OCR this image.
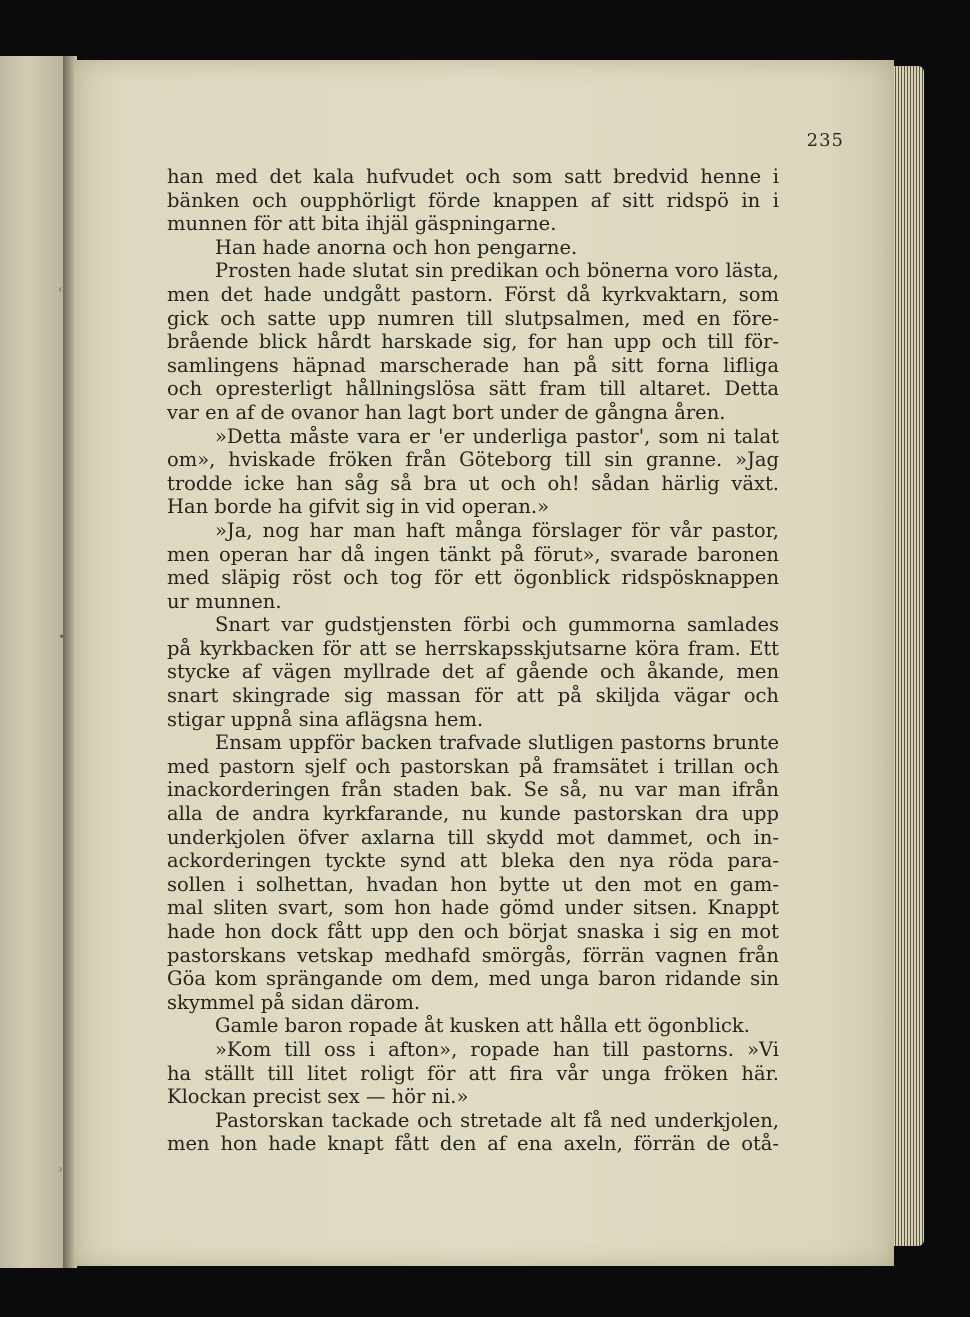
235
han med det kala hufvudet och som satt bredvid henne i
bänken och oupphörligt förde knappen af sitt ridspö in i
munnen för att bita ihjäl gäspningarne.
Han hade anorna och hon pengarne.
Prosten hade slutat sin predikan och bönerna voro lästa,
men det hade undgått pastorn. Först då kyrkvaktarn, som
gick och satte upp numren till slutpsalmen, med en före-
brående blick hårdt harskade sig, for han upp och till för-
samlingens häpnad marscherade han på sitt forna lifliga
och opresterligt hållningslösa sätt fram till altaret. Detta
var en af de ovanor han lagt bort under de gångna åren.
»Detta måste vara er 'er underliga pastor', som ni talat
om», hviskade fröken från Göteborg till sin granne. »Jag
trodde icke han såg så bra ut och oh! sådan härlig växt.
Han borde ha gifvit sig in vid operan.»
»Ja, nog har man haft många förslager för vår pastor,
men operan har då ingen tänkt på förut», svarade baronen
med släpig röst och tog för ett ögonblick ridspösknappen
ur munnen.
Snart var gudstjensten förbi och gummorna samlades
på kyrkbacken för att se herrskapsskjutsarne köra fram. Ett
stycke af vägen myllrade det af gående och åkande, men
snart skingrade sig massan för att på skiljda vägar och
stigar uppnå sina aflägsna hem.
Ensam uppför backen trafvade slutligen pastorns brunte
med pastorn sjelf och pastorskan på framsätet i trillan och
inackorderingen från staden bak. Se så, nu var man ifrån
alla de andra kyrkfarande, nu kunde pastorskan dra upp
underkjolen öfver axlarna till skydd mot dammet, och in-
ackorderingen tyckte synd att bleka den nya röda para-
sollen i solhettan, hvadan hon bytte ut den mot en gam-
mal sliten svart, som hon hade gömd under sitsen. Knappt
hade hon dock fått upp den och börjat snaska i sig en mot
pastorskans vetskap medhafd smörgås, förrän vagnen från
Göa kom sprängande om dem, med unga baron ridande sin
skymmel på sidan därom.
Gamle baron ropade åt kusken att hålla ett ögonblick.
»Kom till oss i afton», ropade han till pastorns. »Vi
ha ställt till litet roligt för att fira vår unga fröken här.
Klockan precist sex — hör ni.»
Pastorskan tackade och stretade alt få ned underkjolen,
men hon hade knapt fått den af ena axeln, förrän de otå-
‹
•
›
